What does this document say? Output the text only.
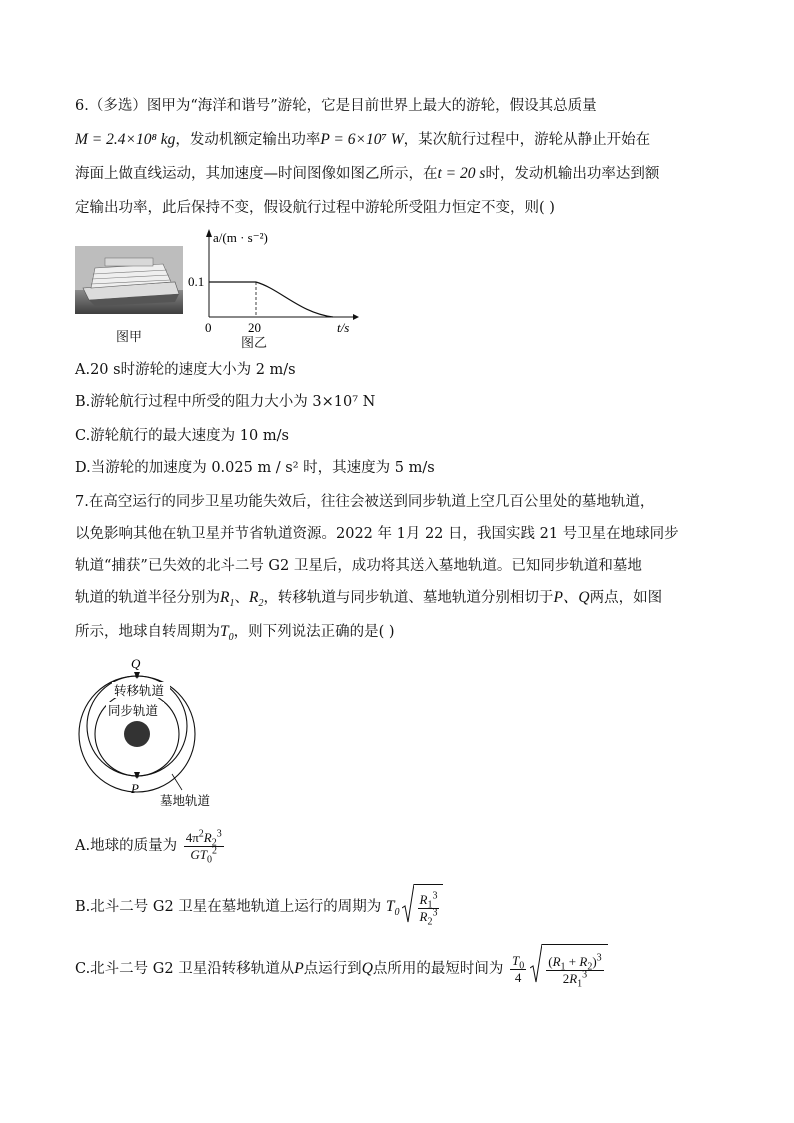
6.（多选）图甲为“海洋和谐号”游轮，它是目前世界上最大的游轮，假设其总质量
M = 2.4×10⁸ kg，发动机额定输出功率P = 6×10⁷ W，某次航行过程中，游轮从静止开始在
海面上做直线运动，其加速度—时间图像如图乙所示，在t = 20 s时，发动机输出功率达到额
定输出功率，此后保持不变，假设航行过程中游轮所受阻力恒定不变，则( )
图甲
a/(m · s⁻²)
0.1
0	20	t/s
图乙
A.20 s时游轮的速度大小为 2 m/s
B.游轮航行过程中所受的阻力大小为 3×10⁷ N
C.游轮航行的最大速度为 10 m/s
D.当游轮的加速度为 0.025 m / s² 时，其速度为 5 m/s
7.在高空运行的同步卫星功能失效后，往往会被送到同步轨道上空几百公里处的墓地轨道，
以免影响其他在轨卫星并节省轨道资源。2022 年 1月 22 日，我国实践 21 号卫星在地球同步
轨道“捕获”已失效的北斗二号 G2 卫星后，成功将其送入墓地轨道。已知同步轨道和墓地
轨道的轨道半径分别为$R_1$、$R_2$，转移轨道与同步轨道、墓地轨道分别相切于P、Q两点，如图
所示，地球自转周期为$T_0$，则下列说法正确的是( )
Q
P
转移轨道
同步轨道
墓地轨道
A.地球的质量为 $\frac{4\pi^2R_2^3}{GT_0^2}$
B.北斗二号 G2 卫星在墓地轨道上运行的周期为 $T_0 \frac{R_1^3}{R_2^3}$
C.北斗二号 G2 卫星沿转移轨道从P点运行到Q点所用的最短时间为 $\frac{T_0}{4} \frac{(R_1 + R_2)^3}{2R_1^3}$
